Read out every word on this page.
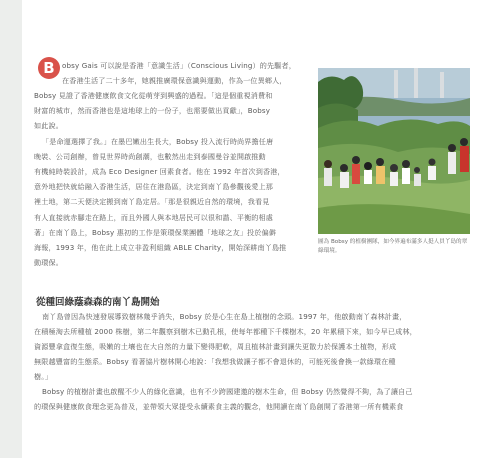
B	obsy Gais 可以說是香港「意識生活」（Conscious Living）的先驅者，
在香港生活了二十多年，她親推廣環保意識與運動，作為一位異鄉人，
Bobsy 見證了香港健康飲食文化從萌芽到興盛的過程。「這是個重視消費和
財富的城市，然而香港也是這地球上的一份子，也需要做出貢獻」，Bobsy
如此說。
「是命運選擇了我。」在墨巴嫩出生長大，Bobsy 投入流行時尚界擔任唐
晚裝、公司創辦，曾見世界時尚創潮，也數然出走到泰國曼谷並開啟推動
有機純時裝設計，成為 Eco Designer 回素食者。他在 1992 年首次到香港，
意外地把快就給融入香港生活，居住在港島區，決定到南丫島參觀後愛上那
裡土地，第二天便決定搬到南丫島定居。「那是很親近自然的環境，我看見
有人直接就赤腳走在路上，而且外國人與本地居民可以很和諧、平衡的相處
著」在南丫島上，Bobsy 惠初的工作是策環保業團體「地球之友」投於偏僻
海報，1993 年，他在此上成立非盈利組織 ABLE Charity，開始深耕南丫島推
動環保。
圖為 Bobsy 的植樹團隊，如今界遍布滿多人挺人員丫島的翠綠環境。
從種回綠蔭森森的南丫島開始
南丫島曾因為快速發展導致樹林幾乎消失，Bobsy 於是心生在島上植樹的念頭。1997 年，他啟動南丫森林計畫，
在積極淘去所種植 2000 株樹，第二年觀察到樹木已動孔根，使每年都種下千棵樹木，20 年累積下來，如今早已成林，
資源豐拿盒復生態，吸嫩的土壤也在大自然的力量下變得肥軟，周且植林計畫到讓失更散力於保護本土植物，形成
無限越豐富的生態系。Bobsy 看著協片樹林開心地說：「我想我做讓子都不會退休的，可能死後會換一款綠環在種
樹。」
Bobsy 的植樹計畫也啟醒不少人的綠化意識，也有不少跨國建邀的樹木生命，但 Bobsy 仍然覺得不夠，為了讓自己
的環保與健康飲食理念更為普及，並帶領大眾提受永續素食主義的觀念，他開讀在南丫島創開了香港第一所有機素食
